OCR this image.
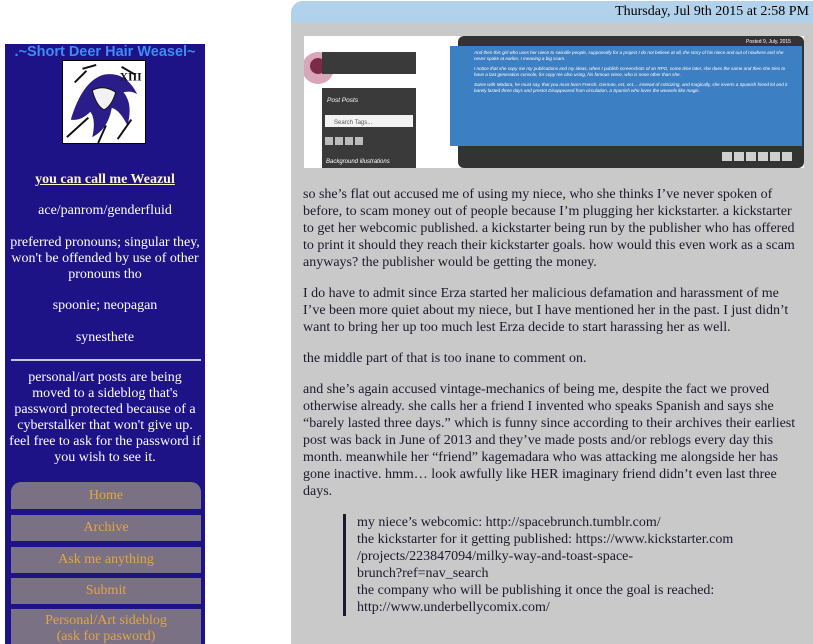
.~Short Deer Hair Weasel~
XIII
you can call me Weazul
ace/panrom/genderfluid
preferred pronouns; singular they, won't be offended by use of other pronouns tho
spoonie; neopagan
synesthete
personal/art posts are being moved to a sideblog that's password protected because of a cyberstalker that won't give up. feel free to ask for the password if you wish to see it.
Home
Archive
Ask me anything
Submit
Personal/Art sideblog
(ask for pasword)
Thursday, Jul 9th 2015 at 2:58 PM
Post Posts
Search Tags...
Background illustrations
Posted 9, July, 2015
And then this girl who uses her niece to swindle people, supposedly for a project I do not believe at all, the story of his niece and out of nowhere and she never spoke at earlier, I meaning a big scam.
I notice that she copy me my publications and my ideas, when I publish screenshots of an RPG, some time later, she does the same and then she tries to have a last generation console, for copy me also using, his famous niece, who is none other than she.
Same with Modara, he must say, that you must learn French, German, ect, ect.... instead of criticizing, and magically, she inverts a Spanish friend lol and it barely lasted three days and presto! Disappeared from circulation, a Spanish who loves the weasels like magic.

so she’s flat out accused me of using my niece, who she thinks I’ve never spoken of before, to scam money out of people because I’m plugging her kickstarter. a kickstarter to get her webcomic published. a kickstarter being run by the publisher who has offered to print it should they reach their kickstarter goals. how would this even work as a scam anyways? the publisher would be getting the money.

I do have to admit since Erza started her malicious defamation and harassment of me I’ve been more quiet about my niece, but I have mentioned her in the past. I just didn’t want to bring her up too much lest Erza decide to start harassing her as well.

the middle part of that is too inane to comment on.

and she’s again accused vintage-mechanics of being me, despite the fact we proved otherwise already. she calls her a friend I invented who speaks Spanish and says she “barely lasted three days.” which is funny since according to their archives their earliest post was back in June of 2013 and they’ve made posts and/or reblogs every day this month. meanwhile her “friend” kagemadara who was attacking me alongside her has gone inactive. hmm… look awfully like HER imaginary friend didn’t even last three days.

my niece’s webcomic: http://spacebrunch.tumblr.com/
the kickstarter for it getting published: https://www.kickstarter.com
/projects/223847094/milky-way-and-toast-space-
brunch?ref=nav_search
the company who will be publishing it once the goal is reached:
http://www.underbellycomix.com/
